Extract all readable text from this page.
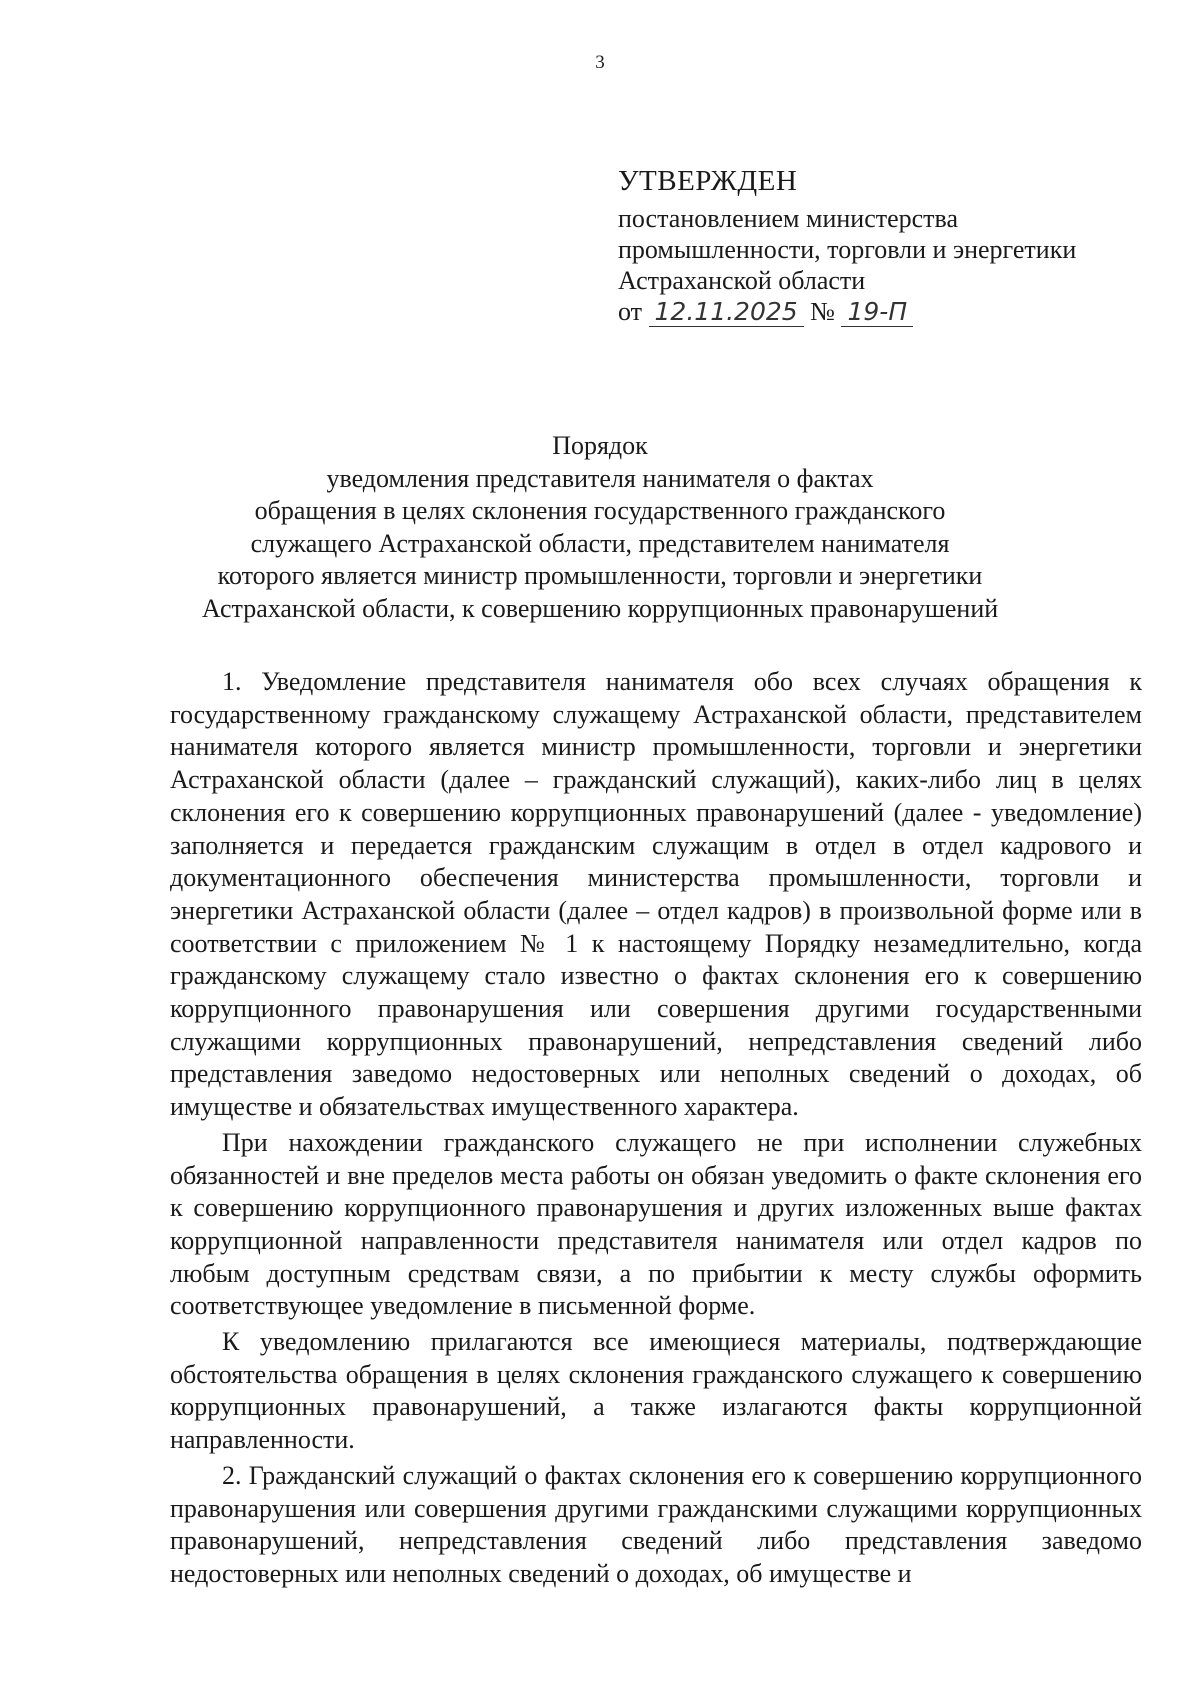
3
УТВЕРЖДЕН
постановлением министерства
промышленности, торговли и энергетики
Астраханской области
от 12.11.2025 № 19-П
Порядок
уведомления представителя нанимателя о фактах
обращения в целях склонения государственного гражданского
служащего Астраханской области, представителем нанимателя
которого является министр промышленности, торговли и энергетики
Астраханской области, к совершению коррупционных правонарушений

1. Уведомление представителя нанимателя обо всех случаях обращения к государственному гражданскому служащему Астраханской области, представителем нанимателя которого является министр промышленности, торговли и энергетики Астраханской области (далее – гражданский служащий), каких-либо лиц в целях склонения его к совершению коррупционных правонарушений (далее - уведомление) заполняется и передается гражданским служащим в отдел в отдел кадрового и документационного обеспечения министерства промышленности, торговли и энергетики Астраханской области (далее – отдел кадров) в произвольной форме или в соответствии с приложением № 1 к настоящему Порядку незамедлительно, когда гражданскому служащему стало известно о фактах склонения его к совершению коррупционного правонарушения или совершения другими государственными служащими коррупционных правонарушений, непредставления сведений либо представления заведомо недостоверных или неполных сведений о доходах, об имуществе и обязательствах имущественного характера.

При нахождении гражданского служащего не при исполнении служебных обязанностей и вне пределов места работы он обязан уведомить о факте склонения его к совершению коррупционного правонарушения и других изложенных выше фактах коррупционной направленности представителя нанимателя или отдел кадров по любым доступным средствам связи, а по прибытии к месту службы оформить соответствующее уведомление в письменной форме.

К уведомлению прилагаются все имеющиеся материалы, подтверждающие обстоятельства обращения в целях склонения гражданского служащего к совершению коррупционных правонарушений, а также излагаются факты коррупционной направленности.

2. Гражданский служащий о фактах склонения его к совершению коррупционного правонарушения или совершения другими гражданскими служащими коррупционных правонарушений, непредставления сведений либо представления заведомо недостоверных или неполных сведений о доходах, об имуществе и
